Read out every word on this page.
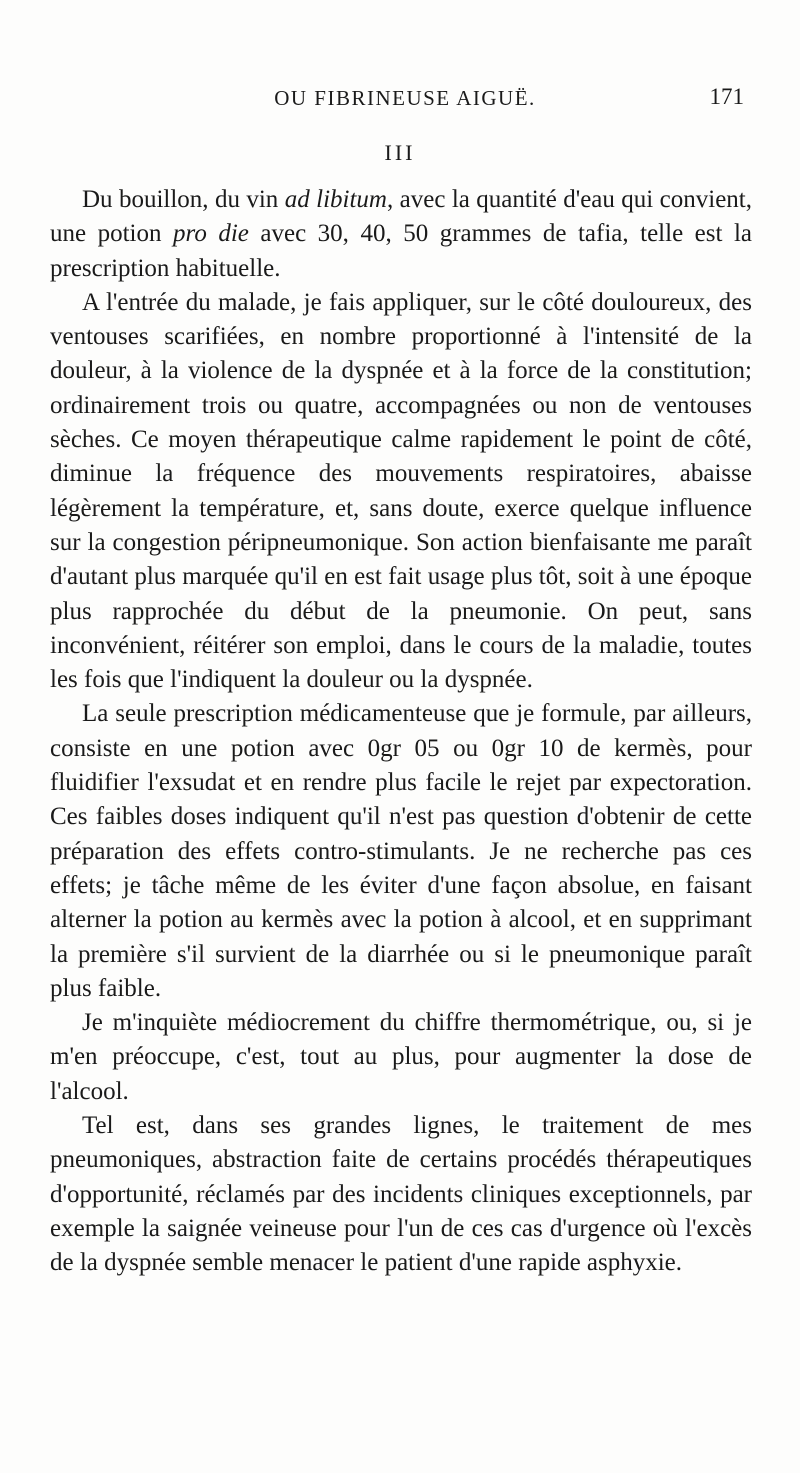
OU FIBRINEUSE AIGUË.	171
III

Du bouillon, du vin ad libitum, avec la quantité d'eau qui convient, une potion pro die avec 30, 40, 50 grammes de tafia, telle est la prescription habituelle.

A l'entrée du malade, je fais appliquer, sur le côté douloureux, des ventouses scarifiées, en nombre proportionné à l'intensité de la douleur, à la violence de la dyspnée et à la force de la constitution; ordinairement trois ou quatre, accompagnées ou non de ventouses sèches. Ce moyen thérapeutique calme rapidement le point de côté, diminue la fréquence des mouvements respiratoires, abaisse légèrement la température, et, sans doute, exerce quelque influence sur la congestion péripneumonique. Son action bienfaisante me paraît d'autant plus marquée qu'il en est fait usage plus tôt, soit à une époque plus rapprochée du début de la pneumonie. On peut, sans inconvénient, réitérer son emploi, dans le cours de la maladie, toutes les fois que l'indiquent la douleur ou la dyspnée.

La seule prescription médicamenteuse que je formule, par ailleurs, consiste en une potion avec 0gr 05 ou 0gr 10 de kermès, pour fluidifier l'exsudat et en rendre plus facile le rejet par expectoration. Ces faibles doses indiquent qu'il n'est pas question d'obtenir de cette préparation des effets contro-stimulants. Je ne recherche pas ces effets; je tâche même de les éviter d'une façon absolue, en faisant alterner la potion au kermès avec la potion à alcool, et en supprimant la première s'il survient de la diarrhée ou si le pneumonique paraît plus faible.

Je m'inquiète médiocrement du chiffre thermométrique, ou, si je m'en préoccupe, c'est, tout au plus, pour augmenter la dose de l'alcool.

Tel est, dans ses grandes lignes, le traitement de mes pneumoniques, abstraction faite de certains procédés thérapeutiques d'opportunité, réclamés par des incidents cliniques exceptionnels, par exemple la saignée veineuse pour l'un de ces cas d'urgence où l'excès de la dyspnée semble menacer le patient d'une rapide asphyxie.
